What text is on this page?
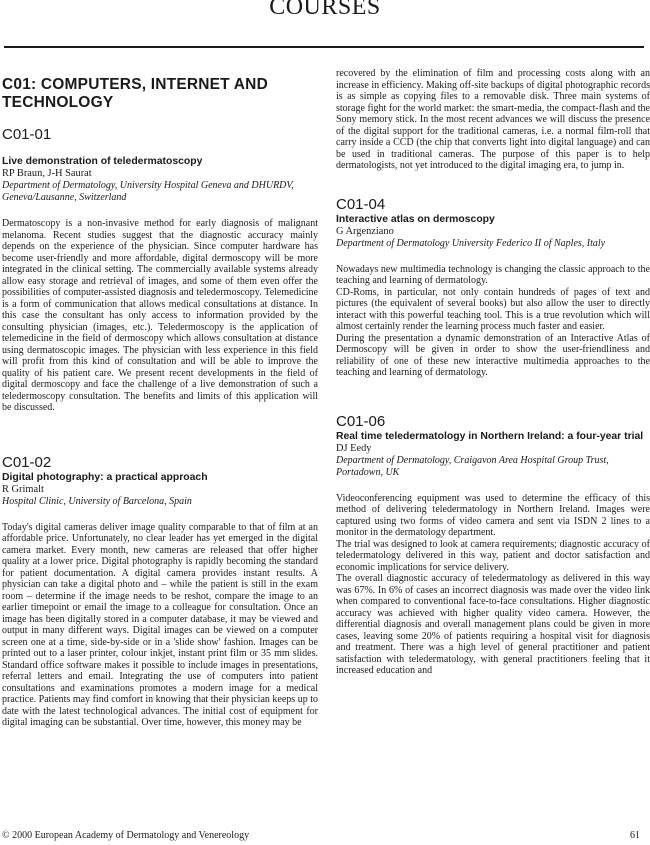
COURSES
C01: COMPUTERS, INTERNET AND TECHNOLOGY
C01-01
Live demonstration of teledermatoscopy
RP Braun, J-H Saurat
Department of Dermatology, University Hospital Geneva and DHURDV, Geneva/Lausanne, Switzerland

Dermatoscopy is a non-invasive method for early diagnosis of malignant melanoma. Recent studies suggest that the diagnostic accuracy mainly depends on the experience of the physician. Since computer hardware has become user-friendly and more affordable, digital dermoscopy will be more integrated in the clinical setting. The commercially available systems already allow easy storage and retrieval of images, and some of them even offer the possibilities of computer-assisted diagnosis and teledermoscopy. Telemedicine is a form of communication that allows medical consultations at distance. In this case the consultant has only access to information provided by the consulting physician (images, etc.). Teledermoscopy is the application of telemedicine in the field of dermoscopy which allows consultation at distance using dermatoscopic images. The physician with less experience in this field will profit from this kind of consultation and will be able to improve the quality of his patient care. We present recent developments in the field of digital dermoscopy and face the challenge of a live demonstration of such a teledermoscopy consultation. The benefits and limits of this application will be discussed.

C01-02
Digital photography: a practical approach
R Grimalt
Hospital Clinic, University of Barcelona, Spain

Today's digital cameras deliver image quality comparable to that of film at an affordable price. Unfortunately, no clear leader has yet emerged in the digital camera market. Every month, new cameras are released that offer higher quality at a lower price. Digital photography is rapidly becoming the standard for patient documentation. A digital camera provides instant results. A physician can take a digital photo and – while the patient is still in the exam room – determine if the image needs to be reshot, compare the image to an earlier timepoint or email the image to a colleague for consultation. Once an image has been digitally stored in a computer database, it may be viewed and output in many different ways. Digital images can be viewed on a computer screen one at a time, side-by-side or in a 'slide show' fashion. Images can be printed out to a laser printer, colour inkjet, instant print film or 35 mm slides. Standard office software makes it possible to include images in presentations, referral letters and email. Integrating the use of computers into patient consultations and examinations promotes a modern image for a medical practice. Patients may find comfort in knowing that their physician keeps up to date with the latest technological advances. The initial cost of equipment for digital imaging can be substantial. Over time, however, this money may be

recovered by the elimination of film and processing costs along with an increase in efficiency. Making off-site backups of digital photographic records is as simple as copying files to a removable disk. Three main systems of storage fight for the world market: the smart-media, the compact-flash and the Sony memory stick. In the most recent advances we will discuss the presence of the digital support for the traditional cameras, i.e. a normal film-roll that carry inside a CCD (the chip that converts light into digital language) and can be used in traditional cameras. The purpose of this paper is to help dermatologists, not yet introduced to the digital imaging era, to jump in.

C01-04
Interactive atlas on dermoscopy
G Argenziano
Department of Dermatology University Federico II of Naples, Italy

Nowadays new multimedia technology is changing the classic approach to the teaching and learning of dermatology.

CD-Roms, in particular, not only contain hundreds of pages of text and pictures (the equivalent of several books) but also allow the user to directly interact with this powerful teaching tool. This is a true revolution which will almost certainly render the learning process much faster and easier.

During the presentation a dynamic demonstration of an Interactive Atlas of Dermoscopy will be given in order to show the user-friendliness and reliability of one of these new interactive multimedia approaches to the teaching and learning of dermatology.

C01-06
Real time teledermatology in Northern Ireland: a four-year trial
DJ Eedy
Department of Dermatology, Craigavon Area Hospital Group Trust, Portadown, UK

Videoconferencing equipment was used to determine the efficacy of this method of delivering teledermatology in Northern Ireland. Images were captured using two forms of video camera and sent via ISDN 2 lines to a monitor in the dermatology department.

The trial was designed to look at camera requirements; diagnostic accuracy of teledermatology delivered in this way, patient and doctor satisfaction and economic implications for service delivery.

The overall diagnostic accuracy of teledermatology as delivered in this way was 67%. In 6% of cases an incorrect diagnosis was made over the video link when compared to conventional face-to-face consultations. Higher diagnostic accuracy was achieved with higher quality video camera. However, the differential diagnosis and overall management plans could be given in more cases, leaving some 20% of patients requiring a hospital visit for diagnosis and treatment. There was a high level of general practitioner and patient satisfaction with teledermatology, with general practitioners feeling that it increased education and

© 2000 European Academy of Dermatology and Venereology	61
